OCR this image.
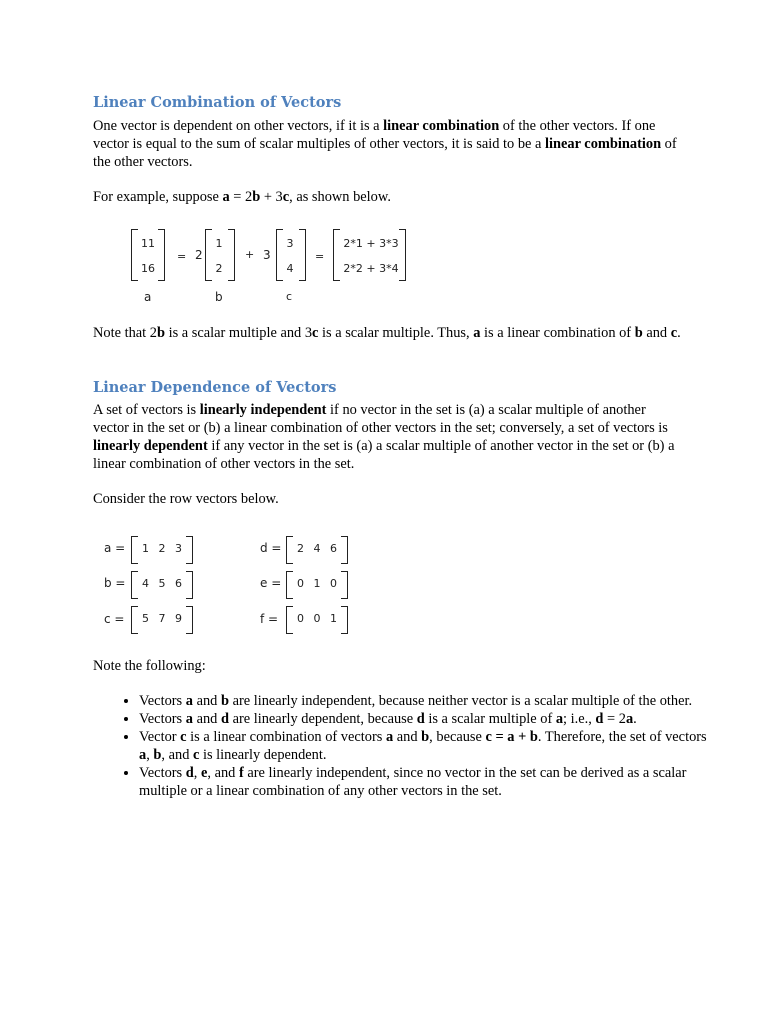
Linear Combination of Vectors
One vector is dependent on other vectors, if it is a linear combination of the other vectors. If one vector is equal to the sum of scalar multiples of other vectors, it is said to be a linear combination of the other vectors.
For example, suppose a = 2b + 3c, as shown below.
11
16
= 2
1
2
+ 3
3
4
=
2*1 + 3*3
2*2 + 3*4
a	b	c
Note that 2b is a scalar multiple and 3c is a scalar multiple. Thus, a is a linear combination of b and c.
Linear Dependence of Vectors
A set of vectors is linearly independent if no vector in the set is (a) a scalar multiple of another vector in the set or (b) a linear combination of other vectors in the set; conversely, a set of vectors is linearly dependent if any vector in the set is (a) a scalar multiple of another vector in the set or (b) a linear combination of other vectors in the set.
Consider the row vectors below.
a = 1 2 3
b = 4 5 6
c = 5 7 9
d = 2 4 6
e = 0 1 0
f = 0 0 1
Note the following:
• Vectors a and b are linearly independent, because neither vector is a scalar multiple of the other.
• Vectors a and d are linearly dependent, because d is a scalar multiple of a; i.e., d = 2a.
• Vector c is a linear combination of vectors a and b, because c = a + b. Therefore, the set of vectors a, b, and c is linearly dependent.
• Vectors d, e, and f are linearly independent, since no vector in the set can be derived as a scalar multiple or a linear combination of any other vectors in the set.
